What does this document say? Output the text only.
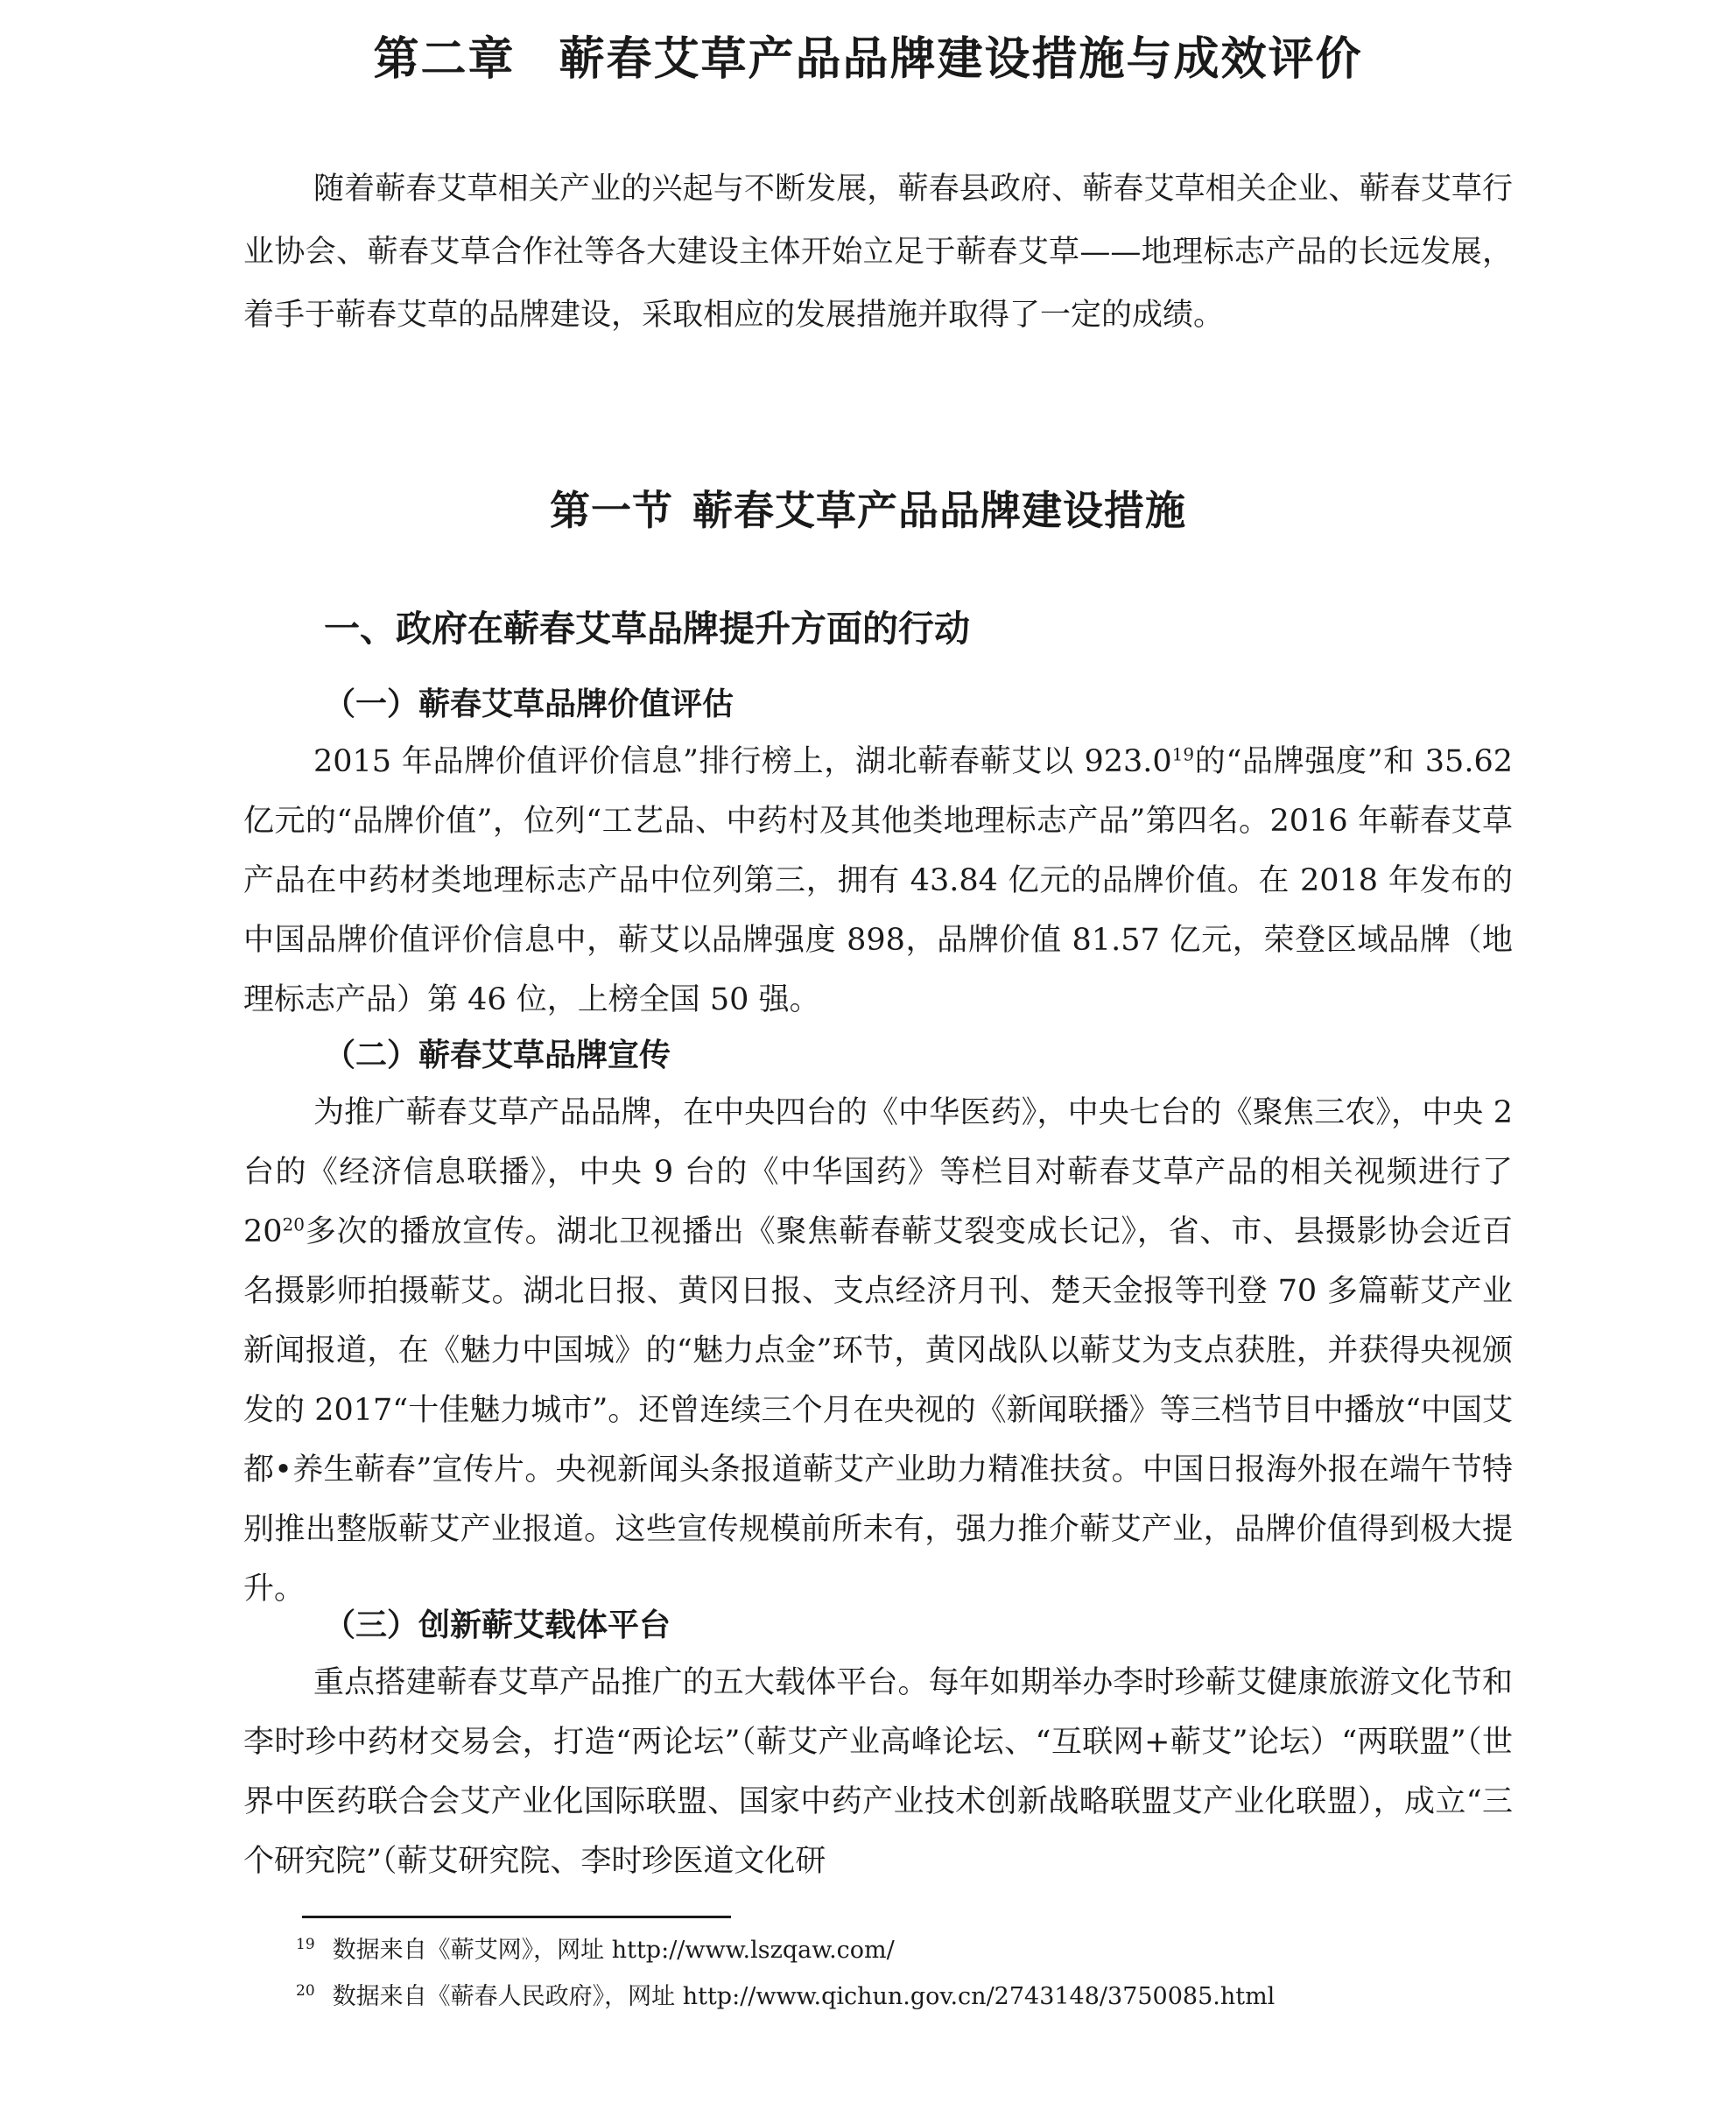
第二章 蕲春艾草产品品牌建设措施与成效评价

随着蕲春艾草相关产业的兴起与不断发展，蕲春县政府、蕲春艾草相关企业、蕲春艾草行业协会、蕲春艾草合作社等各大建设主体开始立足于蕲春艾草——地理标志产品的长远发展，着手于蕲春艾草的品牌建设，采取相应的发展措施并取得了一定的成绩。

第一节 蕲春艾草产品品牌建设措施
一、政府在蕲春艾草品牌提升方面的行动
（一）蕲春艾草品牌价值评估

2015 年品牌价值评价信息”排行榜上，湖北蕲春蕲艾以 923.0$^{19}$的“品牌强度”和 35.62 亿元的“品牌价值”，位列“工艺品、中药村及其他类地理标志产品”第四名。2016 年蕲春艾草产品在中药材类地理标志产品中位列第三，拥有 43.84 亿元的品牌价值。在 2018 年发布的中国品牌价值评价信息中，蕲艾以品牌强度 898，品牌价值 81.57 亿元，荣登区域品牌（地理标志产品）第 46 位，上榜全国 50 强。

（二）蕲春艾草品牌宣传

为推广蕲春艾草产品品牌，在中央四台的《中华医药》，中央七台的《聚焦三农》，中央 2 台的《经济信息联播》，中央 9 台的《中华国药》等栏目对蕲春艾草产品的相关视频进行了 $20^{20}$多次的播放宣传。湖北卫视播出《聚焦蕲春蕲艾裂变成长记》，省、市、县摄影协会近百名摄影师拍摄蕲艾。湖北日报、黄冈日报、支点经济月刊、楚天金报等刊登 70 多篇蕲艾产业新闻报道，在《魅力中国城》的“魅力点金”环节，黄冈战队以蕲艾为支点获胜，并获得央视颁发的 2017“十佳魅力城市”。还曾连续三个月在央视的《新闻联播》等三档节目中播放“中国艾都•养生蕲春”宣传片。央视新闻头条报道蕲艾产业助力精准扶贫。中国日报海外报在端午节特别推出整版蕲艾产业报道。这些宣传规模前所未有，强力推介蕲艾产业，品牌价值得到极大提升。

（三）创新蕲艾载体平台

重点搭建蕲春艾草产品推广的五大载体平台。每年如期举办李时珍蕲艾健康旅游文化节和李时珍中药材交易会，打造“两论坛”（蕲艾产业高峰论坛、“互联网+蕲艾”论坛）“两联盟”（世界中医药联合会艾产业化国际联盟、国家中药产业技术创新战略联盟艾产业化联盟），成立“三个研究院”（蕲艾研究院、李时珍医道文化研

$^{19}$ 数据来自《蕲艾网》，网址 http://www.lszqaw.com/

$^{20}$ 数据来自《蕲春人民政府》，网址 http://www.qichun.gov.cn/2743148/3750085.html
